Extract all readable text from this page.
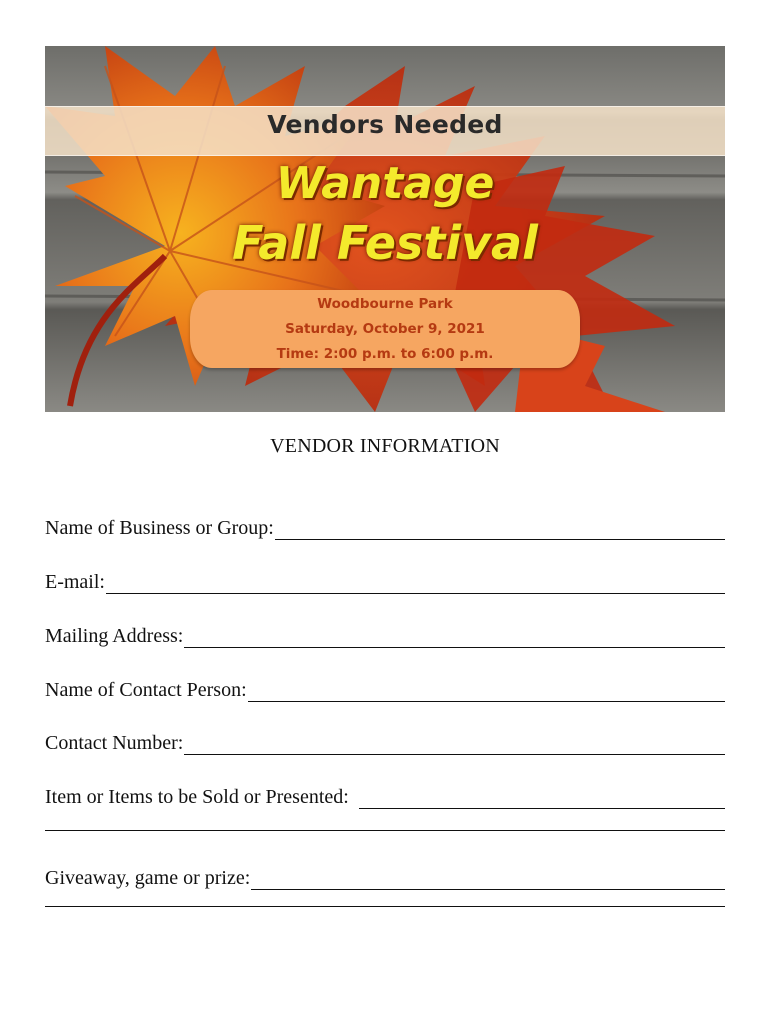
Vendors Needed
Wantage
Fall Festival
Woodbourne Park
Saturday, October 9, 2021
Time: 2:00 p.m. to 6:00 p.m.
VENDOR INFORMATION
Name of Business or Group:
E-mail:
Mailing Address:
Name of Contact Person:
Contact Number:
Item or Items to be Sold or Presented:
Giveaway, game or prize:
